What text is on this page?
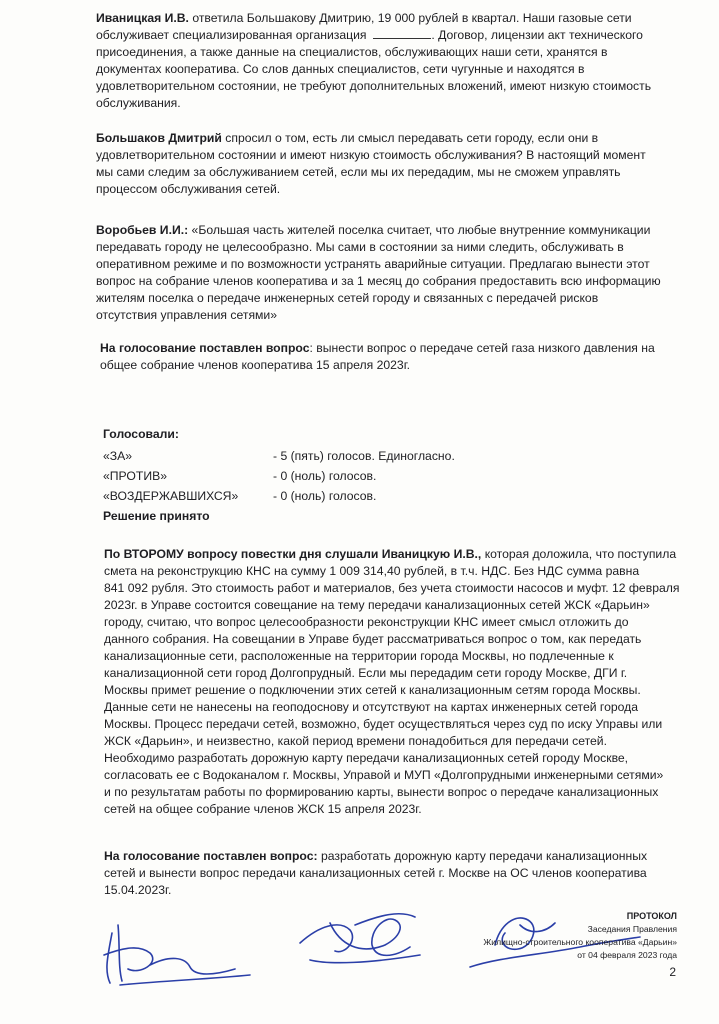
Иваницкая И.В. ответила Большакову Дмитрию, 19 000 рублей в квартал. Наши газовые сети
обслуживает специализированная организация	. Договор, лицензии акт технического
присоединения, а также данные на специалистов, обслуживающих наши сети, хранятся в
документах кооператива. Со слов данных специалистов, сети чугунные и находятся в
удовлетворительном состоянии, не требуют дополнительных вложений, имеют низкую стоимость
обслуживания.

Большаков Дмитрий спросил о том, есть ли смысл передавать сети городу, если они в
удовлетворительном состоянии и имеют низкую стоимость обслуживания? В настоящий момент
мы сами следим за обслуживанием сетей, если мы их передадим, мы не сможем управлять
процессом обслуживания сетей.

Воробьев И.И.: «Большая часть жителей поселка считает, что любые внутренние коммуникации
передавать городу не целесообразно. Мы сами в состоянии за ними следить, обслуживать в
оперативном режиме и по возможности устранять аварийные ситуации. Предлагаю вынести этот
вопрос на собрание членов кооператива и за 1 месяц до собрания предоставить всю информацию
жителям поселка о передаче инженерных сетей городу и связанных с передачей рисков
отсутствия управления сетями»

На голосование поставлен вопрос: вынести вопрос о передаче сетей газа низкого давления на
общее собрание членов кооператива 15 апреля 2023г.

Голосовали:
«ЗА»	- 5 (пять) голосов. Единогласно.
«ПРОТИВ»	- 0 (ноль) голосов.
«ВОЗДЕРЖАВШИХСЯ»	- 0 (ноль) голосов.
Решение принято

По ВТОРОМУ вопросу повестки дня слушали Иваницкую И.В., которая доложила, что поступила
смета на реконструкцию КНС на сумму 1 009 314,40 рублей, в т.ч. НДС. Без НДС сумма равна
841 092 рубля. Это стоимость работ и материалов, без учета стоимости насосов и муфт. 12 февраля
2023г. в Управе состоится совещание на тему передачи канализационных сетей ЖСК «Дарьин»
городу, считаю, что вопрос целесообразности реконструкции КНС имеет смысл отложить до
данного собрания. На совещании в Управе будет рассматриваться вопрос о том, как передать
канализационные сети, расположенные на территории города Москвы, но подлеченные к
канализационной сети город Долгопрудный. Если мы передадим сети городу Москве, ДГИ г.
Москвы примет решение о подключении этих сетей к канализационным сетям города Москвы.
Данные сети не нанесены на геоподоснову и отсутствуют на картах инженерных сетей города
Москвы. Процесс передачи сетей, возможно, будет осуществляться через суд по иску Управы или
ЖСК «Дарьин», и неизвестно, какой период времени понадобиться для передачи сетей.
Необходимо разработать дорожную карту передачи канализационных сетей городу Москве,
согласовать ее с Водоканалом г. Москвы, Управой и МУП «Долгопрудными инженерными сетями»
и по результатам работы по формированию карты, вынести вопрос о передаче канализационных
сетей на общее собрание членов ЖСК 15 апреля 2023г.

На голосование поставлен вопрос: разработать дорожную карту передачи канализационных
сетей и вынести вопрос передачи канализационных сетей г. Москве на ОС членов кооператива
15.04.2023г.

ПРОТОКОЛ
Заседания Правления
Жилищно-строительного кооператива «Дарьин»
от 04 февраля 2023 года
2
